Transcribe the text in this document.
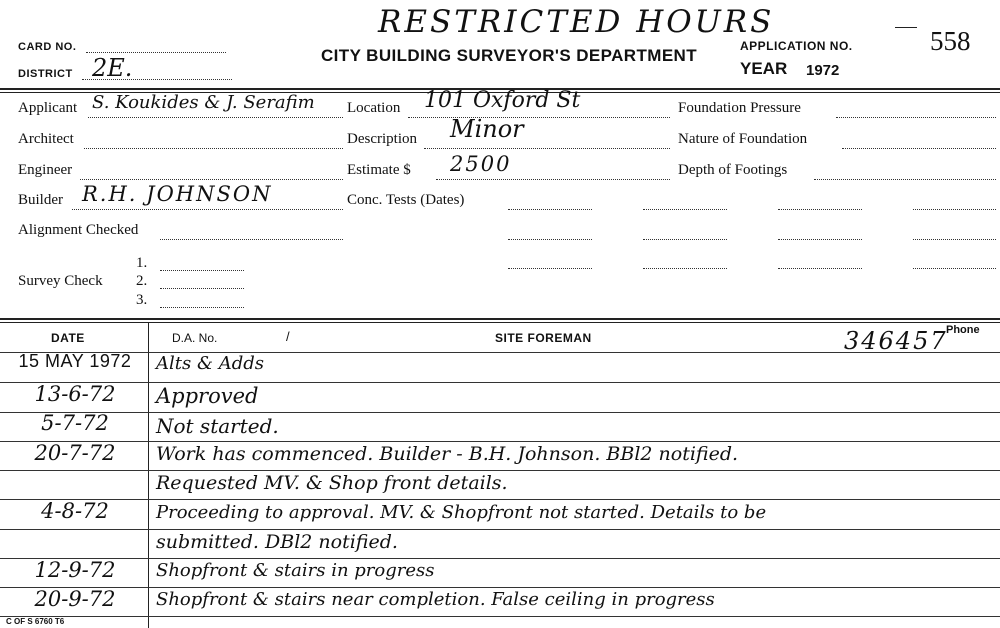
RESTRICTED HOURS
CARD NO.
DISTRICT 2E.	CITY BUILDING SURVEYOR'S DEPARTMENT	APPLICATION NO.	558
YEAR 1972
Applicant S. Koukides & J. Serafim Location 101 Oxford St	Foundation Pressure
Architect	Description Minor	Nature of Foundation
Engineer	Estimate $ 2500	Depth of Footings
Builder R.H. JOHNSON	Conc. Tests (Dates)
Alignment Checked
Survey Check
1.
2.
3.
DATE	D.A. No.	/	SITE FOREMAN
Phone
346457
15 MAY 1972	Alts & Adds
13-6-72	Approved
5-7-72	Not started.
20-7-72	Work has commenced. Builder - B.H. Johnson. BBl2 notified.
Requested MV. & Shop front details.
4-8-72	Proceeding to approval. MV. & Shopfront not started. Details to be
submitted. DBl2 notified.
12-9-72	Shopfront & stairs in progress
20-9-72	Shopfront & stairs near completion. False ceiling in progress
C OF S 6760 T6
